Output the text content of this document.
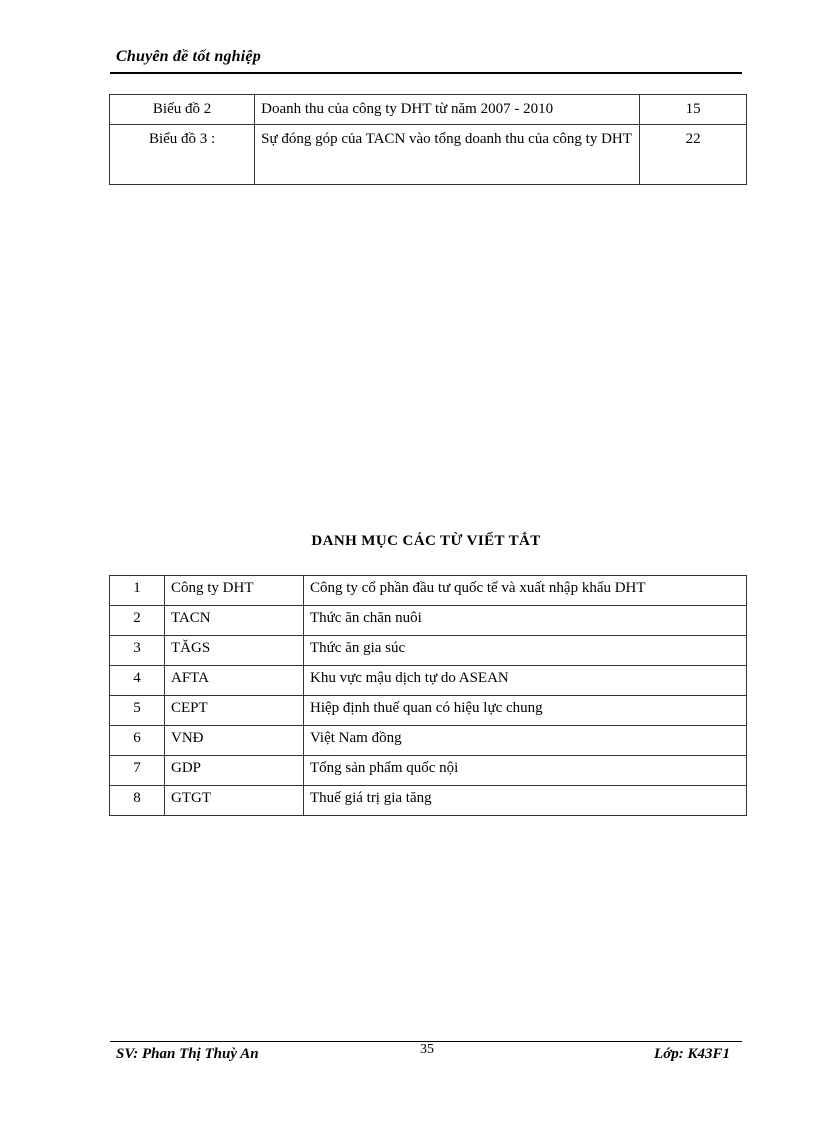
Chuyên đề tốt nghiệp
Biểu đồ 2	Doanh thu của công ty DHT từ năm 2007 - 2010	15
Biểu đồ 3 :	Sự đóng góp của TACN vào tổng doanh thu của công ty DHT	22
DANH MỤC CÁC TỪ VIẾT TẮT
1	Công ty DHT	Công ty cổ phần đầu tư quốc tế và xuất nhập khẩu DHT
2	TACN	Thức ăn chăn nuôi
3	TĂGS	Thức ăn gia súc
4	AFTA	Khu vực mậu dịch tự do ASEAN
5	CEPT	Hiệp định thuế quan có hiệu lực chung
6	VNĐ	Việt Nam đồng
7	GDP	Tổng sản phẩm quốc nội
8	GTGT	Thuế giá trị gia tăng
SV: Phan Thị Thuỳ An	35	Lớp: K43F1
